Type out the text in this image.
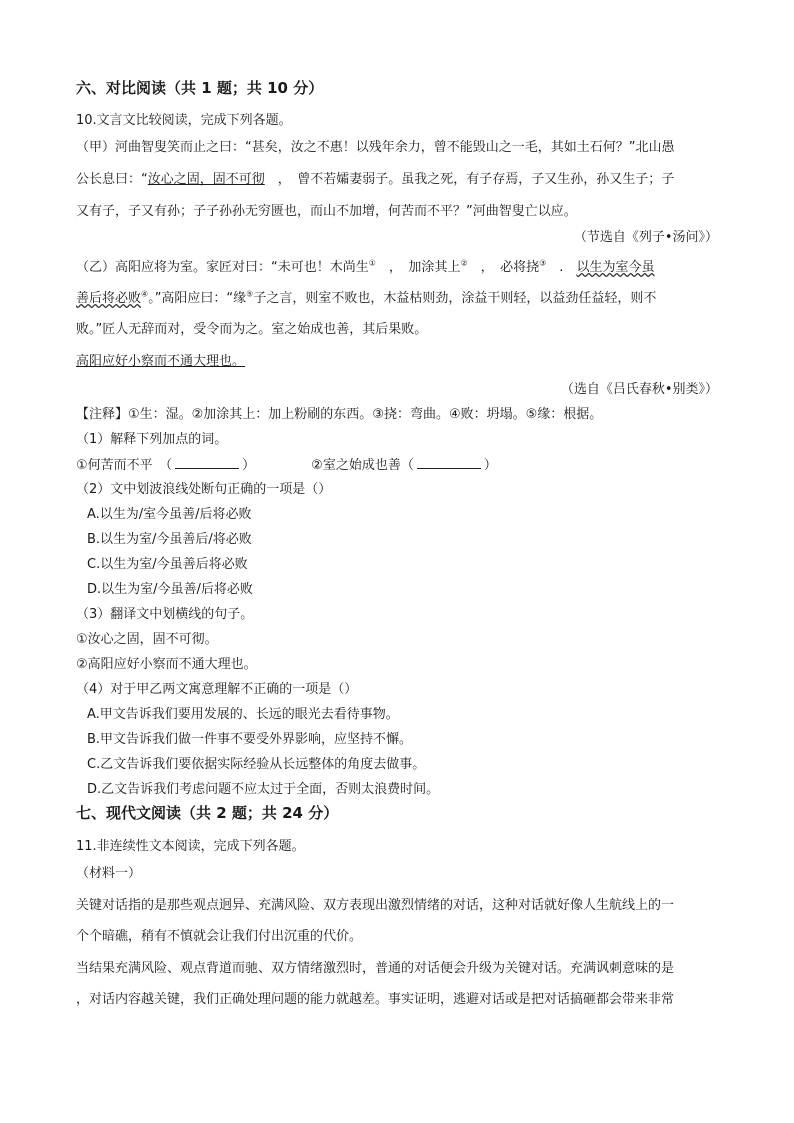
六、对比阅读（共 1 题；共 10 分）
10.文言文比较阅读，完成下列各题。
（甲）河曲智叟笑而止之曰：“甚矣，汝之不惠！以残年余力，曾不能毁山之一毛，其如土石何？”北山愚
公长息曰：“汝心之固，固不可彻　，　曾不若孀妻弱子。虽我之死，有子存焉，子又生孙，孙又生子；子
又有子，子又有孙；子子孙孙无穷匮也，而山不加增，何苦而不平？”河曲智叟亡以应。
（节选自《列子•汤问》）
（乙）高阳应将为室。家匠对曰：“未可也！木尚生①　，　加涂其上②　，　必将挠③　.　以生为室今虽
善后将必败④。”高阳应曰：“缘⑤子之言，则室不败也，木益枯则劲，涂益干则轻，以益劲任益轻，则不
败。”匠人无辞而对，受令而为之。室之始成也善，其后果败。
高阳应好小察而不通大理也。
（选自《吕氏春秋•别类》）
【注释】①生：湿。②加涂其上：加上粉刷的东西。③挠：弯曲。④败：坍塌。⑤缘：根据。
（1）解释下列加点的词。
①何苦而不平　（	）	②室之始成也善（	）
（2）文中划波浪线处断句正确的一项是（）
A.以生为/室今虽善/后将必败
B.以生为室/今虽善后/将必败
C.以生为室/今虽善后将必败
D.以生为室/今虽善/后将必败
（3）翻译文中划横线的句子。
①汝心之固，固不可彻。
②高阳应好小察而不通大理也。
（4）对于甲乙两文寓意理解不正确的一项是（）
A.甲文告诉我们要用发展的、长远的眼光去看待事物。
B.甲文告诉我们做一件事不要受外界影响，应坚持不懈。
C.乙文告诉我们要依据实际经验从长远整体的角度去做事。
D.乙文告诉我们考虑问题不应太过于全面，否则太浪费时间。
七、现代文阅读（共 2 题；共 24 分）
11.非连续性文本阅读，完成下列各题。
（材料一）
关键对话指的是那些观点迥异、充满风险、双方表现出激烈情绪的对话，这种对话就好像人生航线上的一
个个暗礁，稍有不慎就会让我们付出沉重的代价。
当结果充满风险、观点背道而驰、双方情绪激烈时，普通的对话便会升级为关键对话。充满讽刺意味的是
，对话内容越关键，我们正确处理问题的能力就越差。事实证明，逃避对话或是把对话搞砸都会带来非常
